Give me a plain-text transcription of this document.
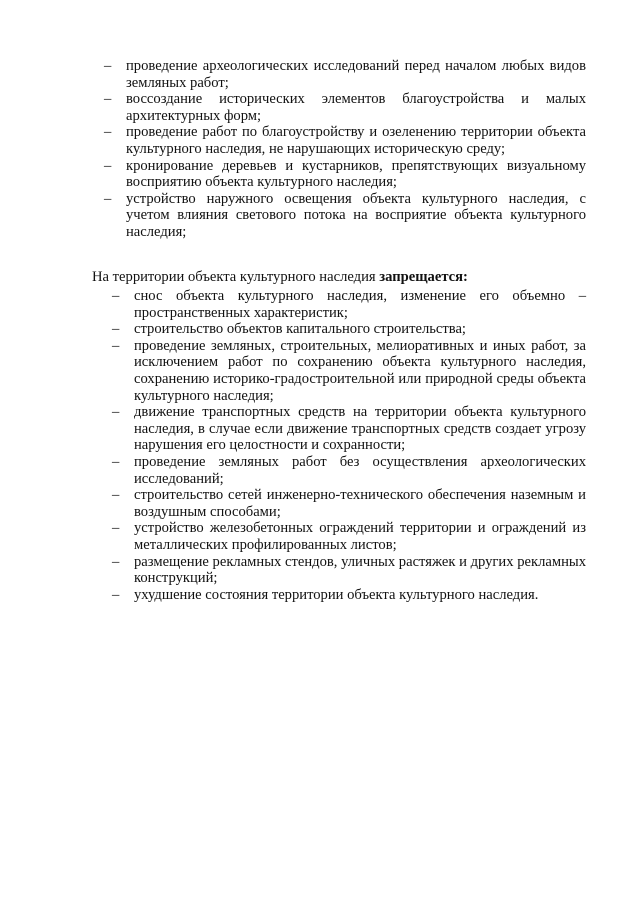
– проведение археологических исследований перед началом любых видов земляных работ;
– воссоздание исторических элементов благоустройства и малых архитектурных форм;
– проведение работ по благоустройству и озеленению территории объекта культурного наследия, не нарушающих историческую среду;
– кронирование деревьев и кустарников, препятствующих визуальному восприятию объекта культурного наследия;
– устройство наружного освещения объекта культурного наследия, с учетом влияния светового потока на восприятие объекта культурного наследия;

На территории объекта культурного наследия запрещается:

– снос объекта культурного наследия, изменение его объемно – пространственных характеристик;
– строительство объектов капитального строительства;
– проведение земляных, строительных, мелиоративных и иных работ, за исключением работ по сохранению объекта культурного наследия, сохранению историко-градостроительной или природной среды объекта культурного наследия;
– движение транспортных средств на территории объекта культурного наследия, в случае если движение транспортных средств создает угрозу нарушения его целостности и сохранности;
– проведение земляных работ без осуществления археологических исследований;
– строительство сетей инженерно-технического обеспечения наземным и воздушным способами;
– устройство железобетонных ограждений территории и ограждений из металлических профилированных листов;
– размещение рекламных стендов, уличных растяжек и других рекламных конструкций;
– ухудшение состояния территории объекта культурного наследия.
